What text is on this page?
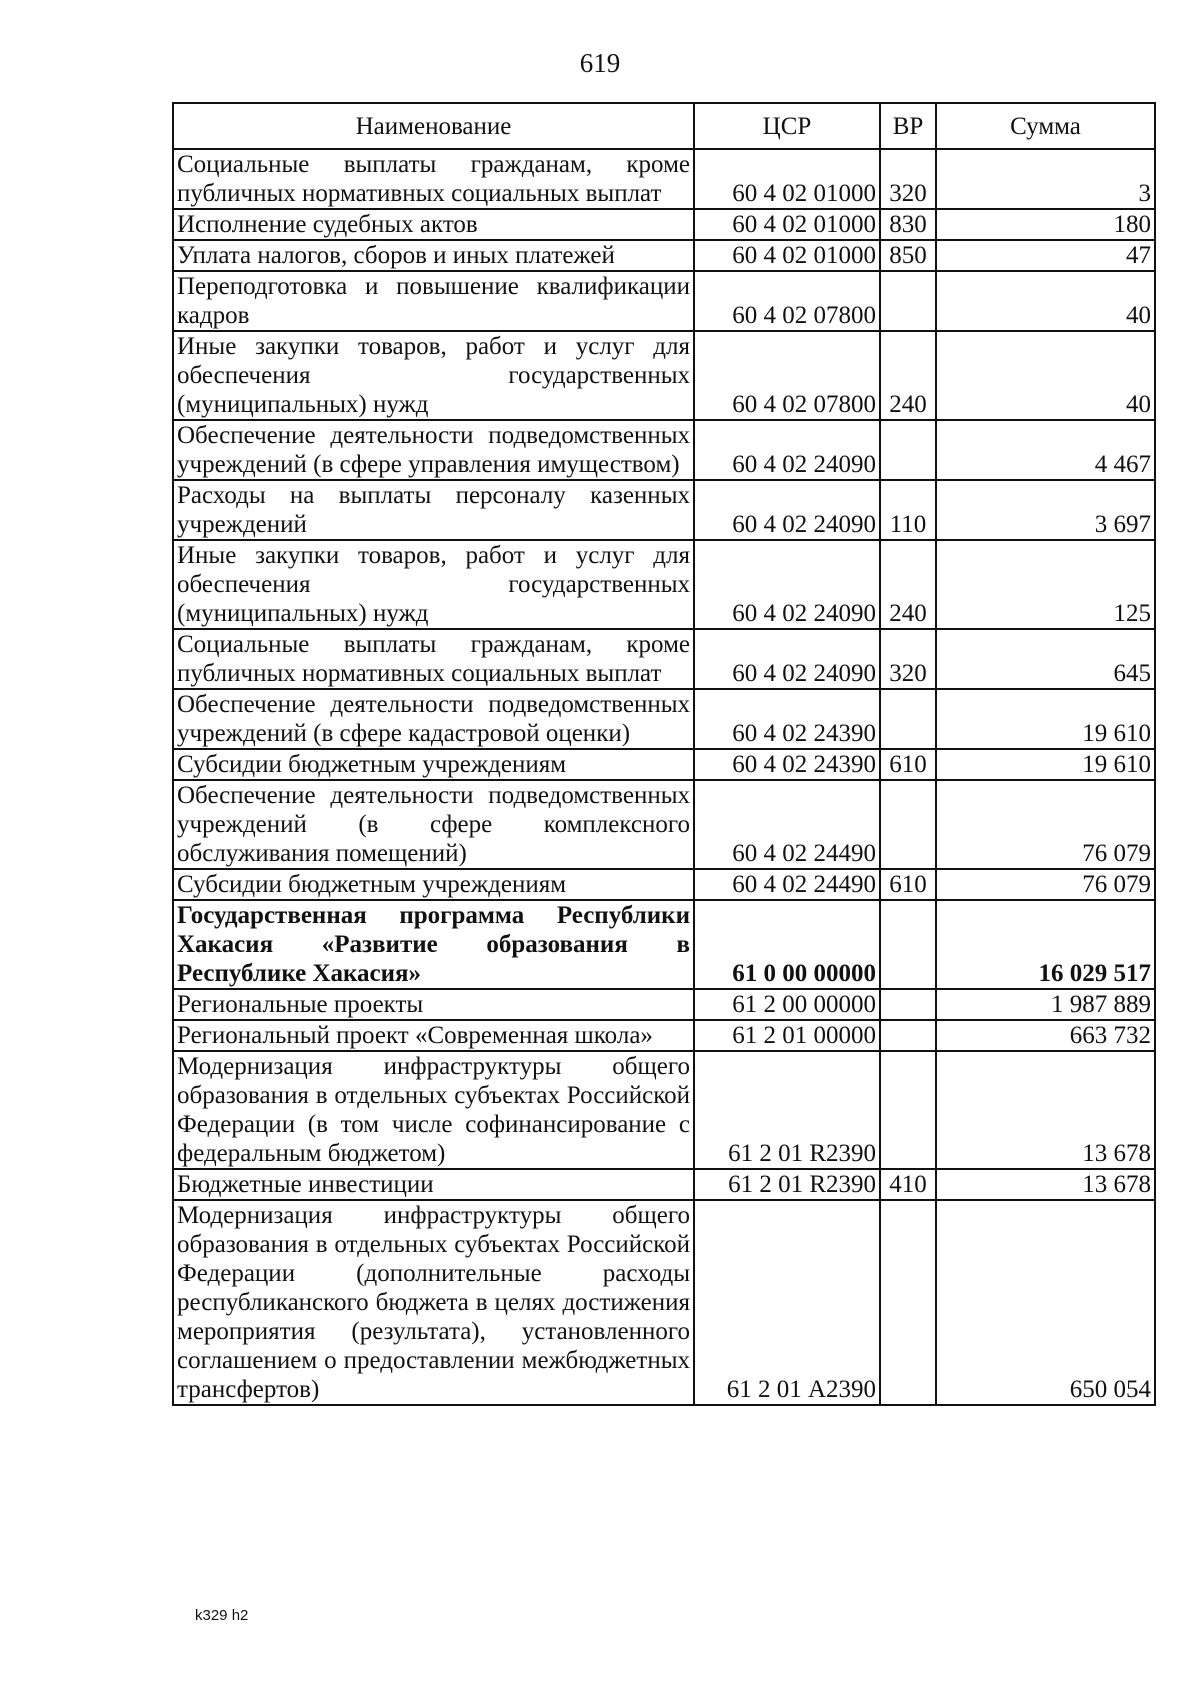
619
Наименование	ЦСР	ВР	Сумма
Социальные выплаты гражданам, кроме публичных нормативных социальных выплат	60 4 02 01000	320	3
Исполнение судебных актов	60 4 02 01000	830	180
Уплата налогов, сборов и иных платежей	60 4 02 01000	850	47
Переподготовка и повышение квалификации кадров	60 4 02 07800		40
Иные закупки товаров, работ и услуг для обеспечения государственных (муниципальных) нужд	60 4 02 07800	240	40
Обеспечение деятельности подведомственных учреждений (в сфере управления имуществом)	60 4 02 24090		4 467
Расходы на выплаты персоналу казенных учреждений	60 4 02 24090	110	3 697
Иные закупки товаров, работ и услуг для обеспечения государственных (муниципальных) нужд	60 4 02 24090	240	125
Социальные выплаты гражданам, кроме публичных нормативных социальных выплат	60 4 02 24090	320	645
Обеспечение деятельности подведомственных учреждений (в сфере кадастровой оценки)	60 4 02 24390		19 610
Субсидии бюджетным учреждениям	60 4 02 24390	610	19 610
Обеспечение деятельности подведомственных учреждений (в сфере комплексного обслуживания помещений)	60 4 02 24490		76 079
Субсидии бюджетным учреждениям	60 4 02 24490	610	76 079
Государственная программа Республики Хакасия «Развитие образования в Республике Хакасия»	61 0 00 00000		16 029 517
Региональные проекты	61 2 00 00000		1 987 889
Региональный проект «Современная школа»	61 2 01 00000		663 732
Модернизация инфраструктуры общего образования в отдельных субъектах Российской Федерации (в том числе софинансирование с федеральным бюджетом)	61 2 01 R2390		13 678
Бюджетные инвестиции	61 2 01 R2390	410	13 678
Модернизация инфраструктуры общего образования в отдельных субъектах Российской Федерации (дополнительные расходы республиканского бюджета в целях достижения мероприятия (результата), установленного соглашением о предоставлении межбюджетных трансфертов)	61 2 01 А2390		650 054
k329 h2
